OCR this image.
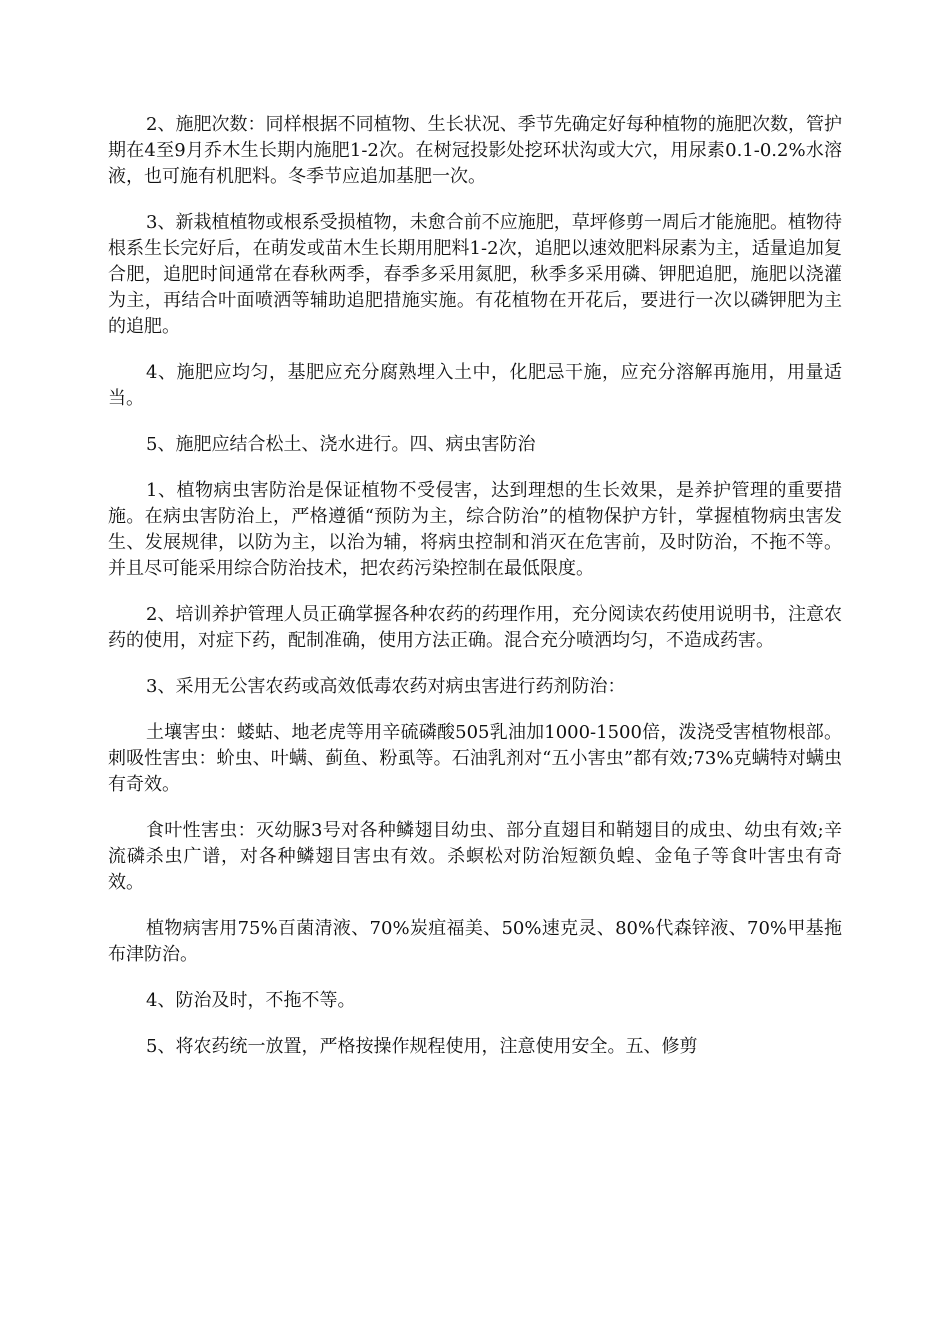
2、施肥次数：同样根据不同植物、生长状况、季节先确定好每种植物的施肥次数，管护期在4至9月乔木生长期内施肥1-2次。在树冠投影处挖环状沟或大穴，用尿素0.1-0.2%水溶液，也可施有机肥料。冬季节应追加基肥一次。

3、新栽植植物或根系受损植物，未愈合前不应施肥，草坪修剪一周后才能施肥。植物待根系生长完好后，在萌发或苗木生长期用肥料1-2次，追肥以速效肥料尿素为主，适量追加复合肥，追肥时间通常在春秋两季，春季多采用氮肥，秋季多采用磷、钾肥追肥，施肥以浇灌为主，再结合叶面喷洒等辅助追肥措施实施。有花植物在开花后，要进行一次以磷钾肥为主的追肥。

4、施肥应均匀，基肥应充分腐熟埋入土中，化肥忌干施，应充分溶解再施用，用量适当。

5、施肥应结合松土、浇水进行。四、病虫害防治

1、植物病虫害防治是保证植物不受侵害，达到理想的生长效果，是养护管理的重要措施。在病虫害防治上，严格遵循“预防为主，综合防治”的植物保护方针，掌握植物病虫害发生、发展规律，以防为主，以治为辅，将病虫控制和消灭在危害前，及时防治，不拖不等。并且尽可能采用综合防治技术，把农药污染控制在最低限度。

2、培训养护管理人员正确掌握各种农药的药理作用，充分阅读农药使用说明书，注意农药的使用，对症下药，配制准确，使用方法正确。混合充分喷洒均匀，不造成药害。

3、采用无公害农药或高效低毒农药对病虫害进行药剂防治：

土壤害虫：蝼蛄、地老虎等用辛硫磷酸505乳油加1000-1500倍，泼浇受害植物根部。刺吸性害虫：蚧虫、叶螨、蓟鱼、粉虱等。石油乳剂对“五小害虫”都有效;73%克螨特对螨虫有奇效。

食叶性害虫：灭幼脲3号对各种鳞翅目幼虫、部分直翅目和鞘翅目的成虫、幼虫有效;辛流磷杀虫广谱，对各种鳞翅目害虫有效。杀螟松对防治短额负蝗、金龟子等食叶害虫有奇效。

植物病害用75%百菌清液、70%炭疽福美、50%速克灵、80%代森锌液、70%甲基拖布津防治。

4、防治及时，不拖不等。

5、将农药统一放置，严格按操作规程使用，注意使用安全。五、修剪
